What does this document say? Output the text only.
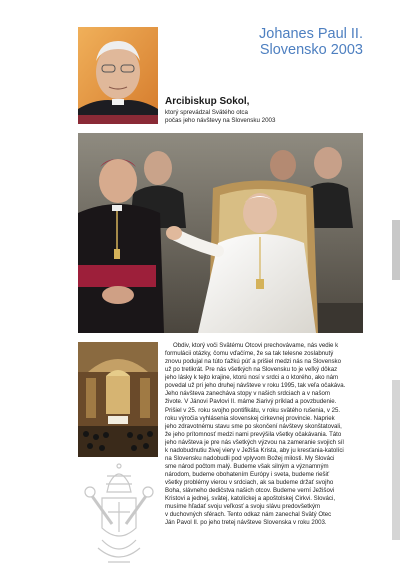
Johanes Paul II.
Slovensko 2003
Arcibiskup Sokol,
ktorý sprevádzal Svätého otca
počas jeho návštevy na Slovensku 2003
Obdiv, ktorý voči Svätému Otcovi prechovávame, nás vedie k
formulácii otázky, čomu vďačíme, že sa tak telesne zoslabnutý
znovu podujal na túto ťažkú púť a prišiel medzi nás na Slovensko
už po tretikrát. Pre nás všetkých na Slovensku to je veľký dôkaz
jeho lásky k tejto krajine, ktorú nosí v srdci a o ktorého, ako nám
povedal už pri jeho druhej návšteve v roku 1995, tak veľa očakáva.
Jeho návšteva zanecháva stopy v našich srdciach a v našom
živote. V Jánovi Pavlovi II. máme žiarivý príklad a povzbudenie.
Prišiel v 25. roku svojho pontifikátu, v roku svätého rušenia, v 25.
roku výročia vyhlásenia slovenskej cirkevnej provincie. Napriek
jeho zdravotnému stavu sme po skončení návštevy skonštatovali,
že jeho prítomnosť medzi nami prevýšila všetky očakávania. Táto
jeho návšteva je pre nás všetkých výzvou na zameranie svojich síl
k nadobudnutiu živej viery v Ježiša Krista, aby ju kresťania-katolíci
na Slovensku nadobudli pod vplyvom Božej milosti. My Slováci
sme národ počtom malý. Budeme však silným a významným
národom, budeme obohatením Európy i sveta, budeme riešiť
všetky problémy vierou v srdciach, ak sa budeme držať svojho
Boha, slávneho dedičstva našich otcov. Budeme verní Ježišovi
Kristovi a jednej, svätej, katolíckej a apoštolskej Cirkvi. Slováci,
musíme hľadať svoju veľkosť a svoju slávu predovšetkým
v duchovných sférach. Tento odkaz nám zanechal Svätý Otec
Ján Pavol II. po jeho tretej návšteve Slovenska v roku 2003.
